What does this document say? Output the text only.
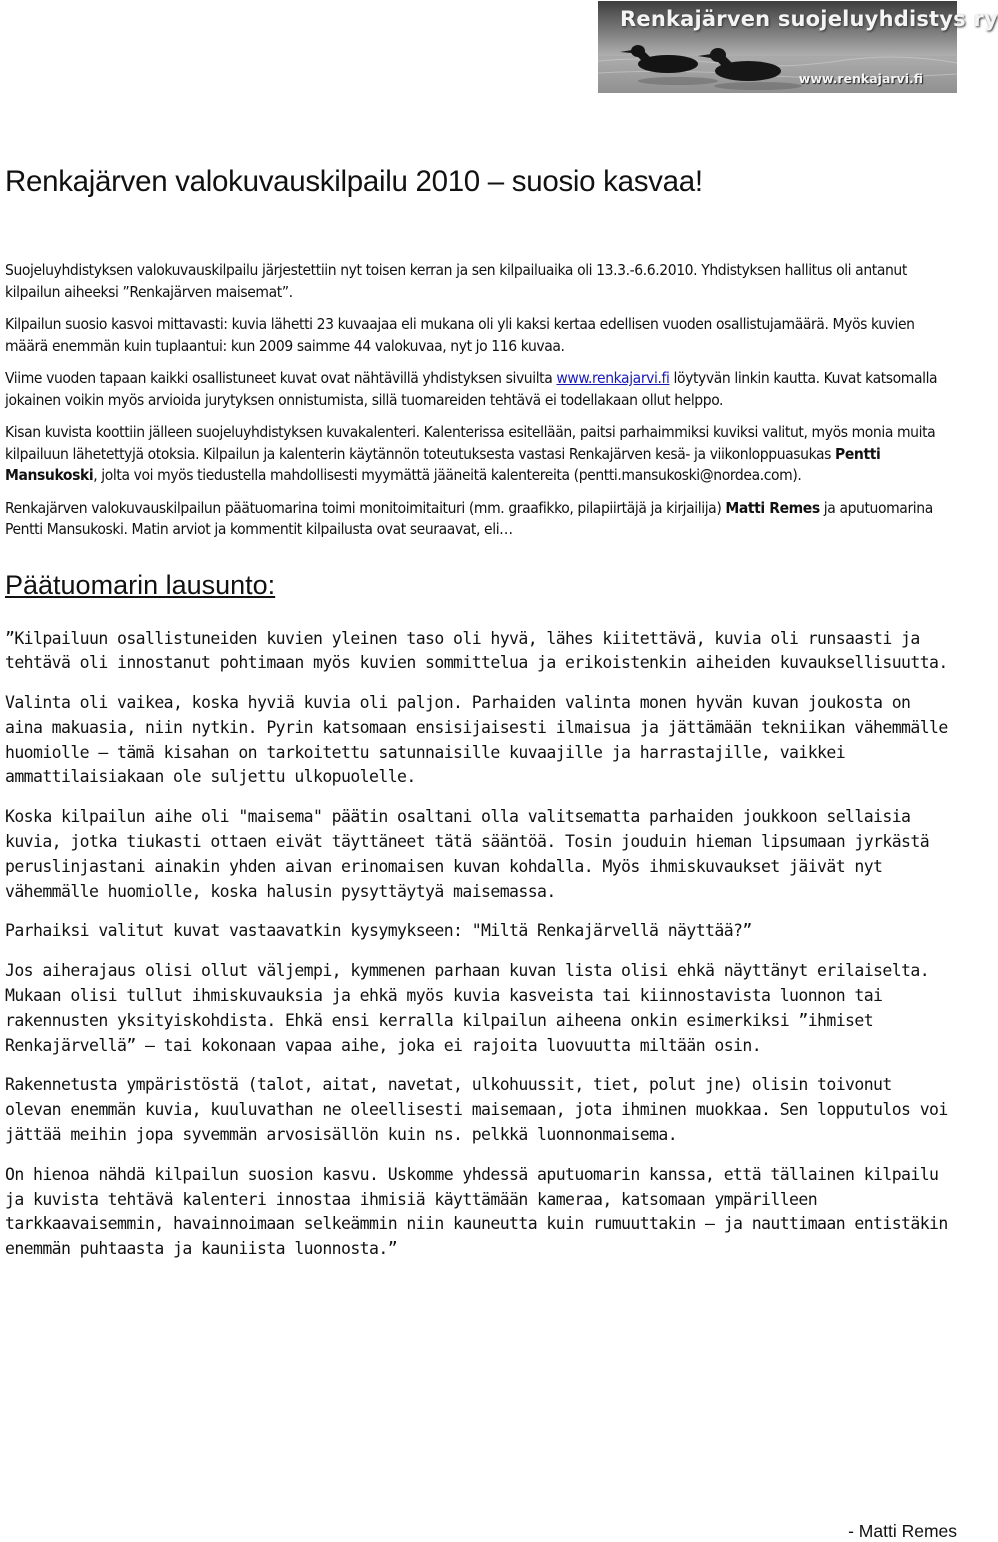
Renkajärven suojeluyhdistys ry
www.renkajarvi.fi
Renkajärven valokuvauskilpailu 2010 – suosio kasvaa!

Suojeluyhdistyksen valokuvauskilpailu järjestettiin nyt toisen kerran ja sen kilpailuaika oli 13.3.-6.6.2010. Yhdistyksen hallitus oli antanut kilpailun aiheeksi ”Renkajärven maisemat”.

Kilpailun suosio kasvoi mittavasti: kuvia lähetti 23 kuvaajaa eli mukana oli yli kaksi kertaa edellisen vuoden osallistujamäärä. Myös kuvien määrä enemmän kuin tuplaantui: kun 2009 saimme 44 valokuvaa, nyt jo 116 kuvaa.

Viime vuoden tapaan kaikki osallistuneet kuvat ovat nähtävillä yhdistyksen sivuilta www.renkajarvi.fi löytyvän linkin kautta. Kuvat katsomalla jokainen voikin myös arvioida jurytyksen onnistumista, sillä tuomareiden tehtävä ei todellakaan ollut helppo.

Kisan kuvista koottiin jälleen suojeluyhdistyksen kuvakalenteri. Kalenterissa esitellään, paitsi parhaimmiksi kuviksi valitut, myös monia muita kilpailuun lähetettyjä otoksia. Kilpailun ja kalenterin käytännön toteutuksesta vastasi Renkajärven kesä- ja viikonloppuasukas Pentti Mansukoski, jolta voi myös tiedustella mahdollisesti myymättä jääneitä kalentereita (pentti.mansukoski@nordea.com).

Renkajärven valokuvauskilpailun päätuomarina toimi monitoimitaituri (mm. graafikko, pilapiirtäjä ja kirjailija) Matti Remes ja aputuomarina Pentti Mansukoski. Matin arviot ja kommentit kilpailusta ovat seuraavat, eli…

Päätuomarin lausunto:

”Kilpailuun osallistuneiden kuvien yleinen taso oli hyvä, lähes kiitettävä, kuvia oli runsaasti ja tehtävä oli innostanut pohtimaan myös kuvien sommittelua ja erikoistenkin aiheiden kuvauksellisuutta.

Valinta oli vaikea, koska hyviä kuvia oli paljon. Parhaiden valinta monen hyvän kuvan joukosta on aina makuasia, niin nytkin. Pyrin katsomaan ensisijaisesti ilmaisua ja jättämään tekniikan vähemmälle huomiolle – tämä kisahan on tarkoitettu satunnaisille kuvaajille ja harrastajille, vaikkei ammattilaisiakaan ole suljettu ulkopuolelle.

Koska kilpailun aihe oli "maisema" päätin osaltani olla valitsematta parhaiden joukkoon sellaisia kuvia, jotka tiukasti ottaen eivät täyttäneet tätä sääntöä. Tosin jouduin hieman lipsumaan jyrkästä peruslinjastani ainakin yhden aivan erinomaisen kuvan kohdalla. Myös ihmiskuvaukset jäivät nyt vähemmälle huomiolle, koska halusin pysyttäytyä maisemassa.

Parhaiksi valitut kuvat vastaavatkin kysymykseen: "Miltä Renkajärvellä näyttää?”

Jos aiherajaus olisi ollut väljempi, kymmenen parhaan kuvan lista olisi ehkä näyttänyt erilaiselta. Mukaan olisi tullut ihmiskuvauksia ja ehkä myös kuvia kasveista tai kiinnostavista luonnon tai rakennusten yksityiskohdista. Ehkä ensi kerralla kilpailun aiheena onkin esimerkiksi ”ihmiset Renkajärvellä” – tai kokonaan vapaa aihe, joka ei rajoita luovuutta miltään osin.

Rakennetusta ympäristöstä (talot, aitat, navetat, ulkohuussit, tiet, polut jne) olisin toivonut olevan enemmän kuvia, kuuluvathan ne oleellisesti maisemaan, jota ihminen muokkaa. Sen lopputulos voi jättää meihin jopa syvemmän arvosisällön kuin ns. pelkkä luonnonmaisema.

On hienoa nähdä kilpailun suosion kasvu. Uskomme yhdessä aputuomarin kanssa, että tällainen kilpailu ja kuvista tehtävä kalenteri innostaa ihmisiä käyttämään kameraa, katsomaan ympärilleen tarkkaavaisemmin, havainnoimaan selkeämmin niin kauneutta kuin rumuuttakin – ja nauttimaan entistäkin enemmän puhtaasta ja kauniista luonnosta.”

- Matti Remes
